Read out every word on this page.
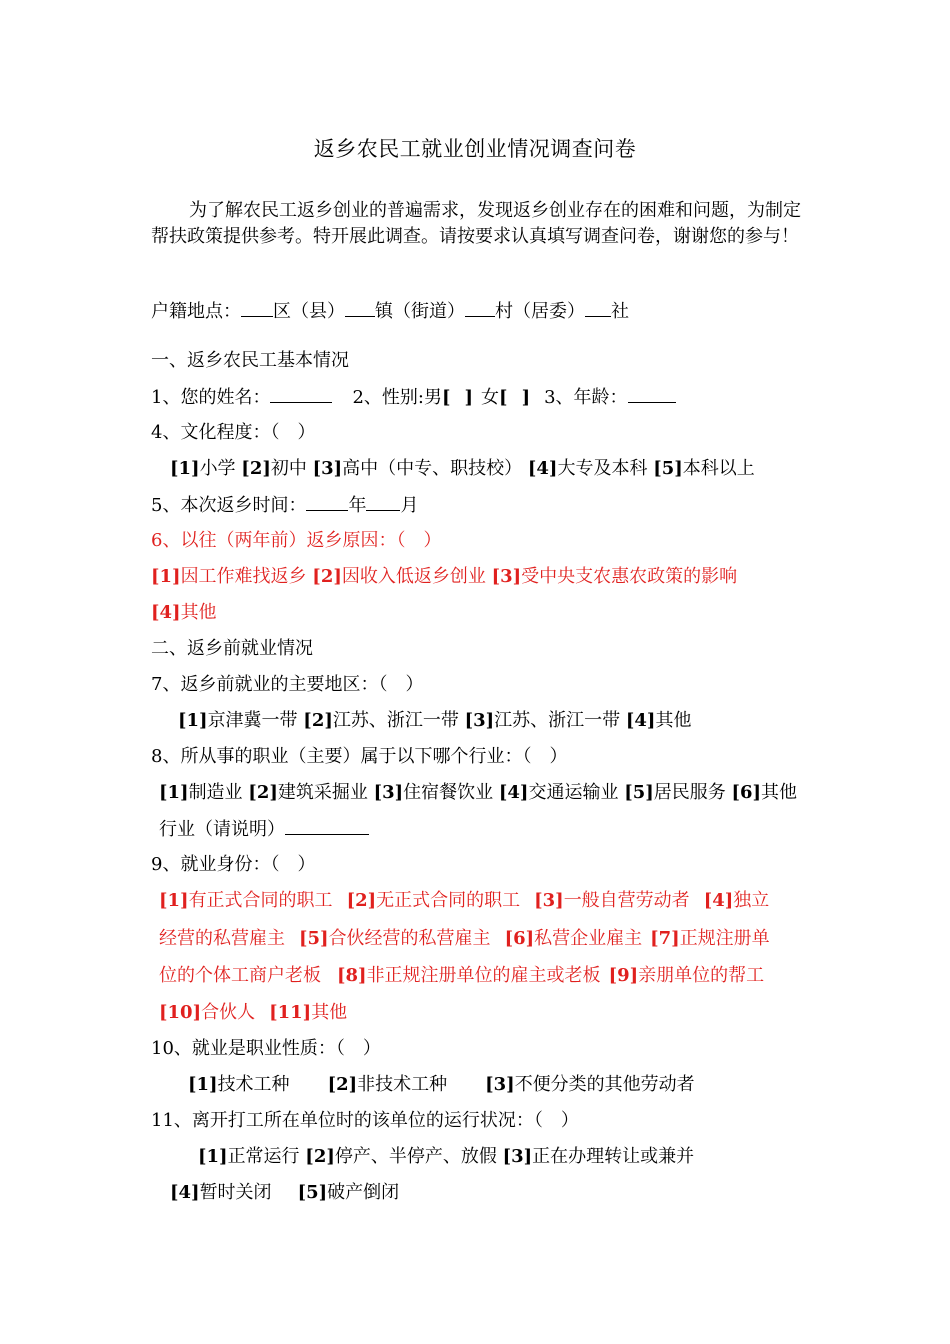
返乡农民工就业创业情况调查问卷
为了解农民工返乡创业的普遍需求，发现返乡创业存在的困难和问题，为制定帮扶政策提供参考。特开展此调查。请按要求认真填写调查问卷，谢谢您的参与！
户籍地点： 区（县） 镇（街道） 村（居委） 社
一、返乡农民工基本情况
1、您的姓名：	2、性别:男[ ] 女[ ] 3、年龄：
4、文化程度：（　）
[1]小学 [2]初中 [3]高中（中专、职技校） [4]大专及本科 [5]本科以上
5、本次返乡时间： 年 月
6、以往（两年前）返乡原因：（　）
[1]因工作难找返乡 [2]因收入低返乡创业 [3]受中央支农惠农政策的影响
[4]其他
二、返乡前就业情况
7、返乡前就业的主要地区：（　）
[1]京津冀一带 [2]江苏、浙江一带 [3]江苏、浙江一带 [4]其他
8、所从事的职业（主要）属于以下哪个行业：（　）
[1]制造业 [2]建筑采掘业 [3]住宿餐饮业 [4]交通运输业 [5]居民服务 [6]其他
行业（请说明）
9、就业身份：（　）
[1]有正式合同的职工 [2]无正式合同的职工 [3]一般自营劳动者 [4]独立
经营的私营雇主 [5]合伙经营的私营雇主 [6]私营企业雇主 [7]正规注册单
位的个体工商户老板 [8]非正规注册单位的雇主或老板 [9]亲朋单位的帮工
[10]合伙人 [11]其他
10、就业是职业性质：（　）
[1]技术工种 [2]非技术工种 [3]不便分类的其他劳动者
11、离开打工所在单位时的该单位的运行状况：（　）
[1]正常运行 [2]停产、半停产、放假 [3]正在办理转让或兼并
[4]暂时关闭 [5]破产倒闭
